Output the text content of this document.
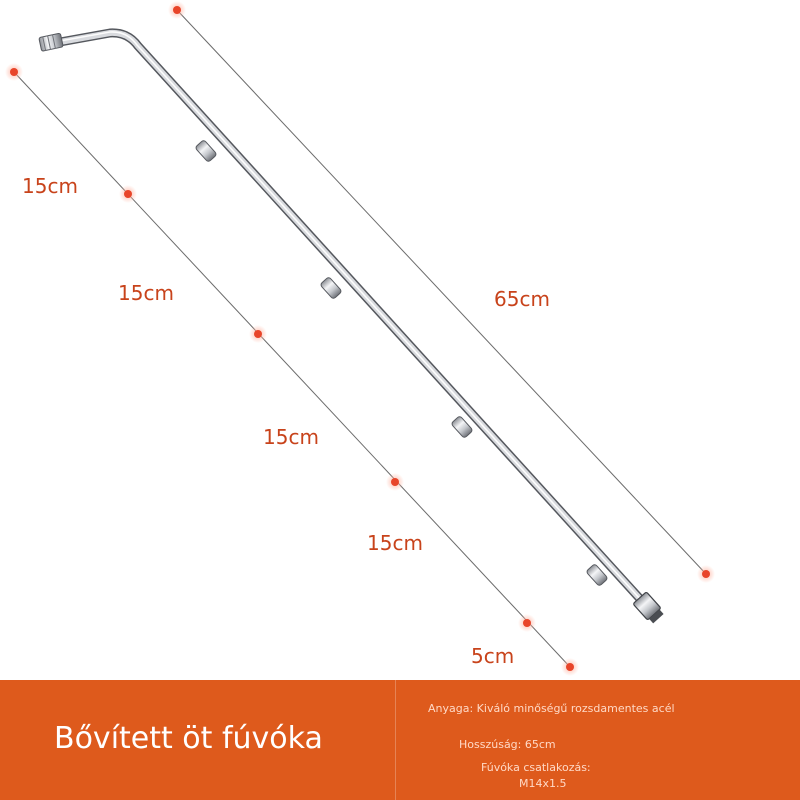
15cm
15cm
15cm
15cm
5cm
65cm
Bővített öt fúvóka
Anyaga: Kiváló minőségű rozsdamentes acél
Hosszúság: 65cm
Fúvóka csatlakozás:
M14x1.5
